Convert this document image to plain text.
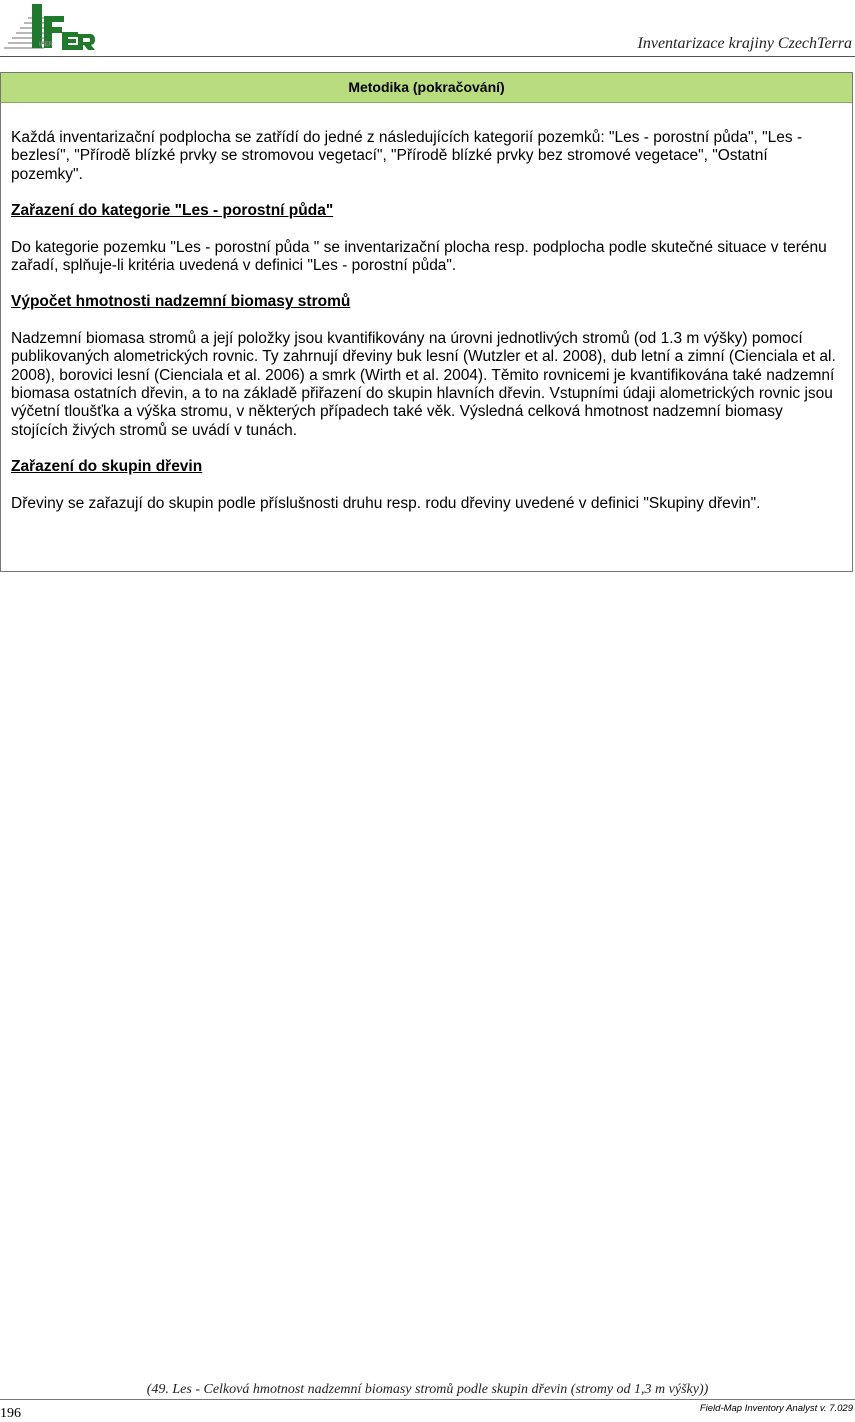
IFER	Inventarizace krajiny CzechTerra
Metodika (pokračování)

Každá inventarizační podplocha se zatřídí do jedné z následujících kategorií pozemků: "Les - porostní půda", "Les - bezlesí", "Přírodě blízké prvky se stromovou vegetací", "Přírodě blízké prvky bez stromové vegetace", "Ostatní pozemky".

Zařazení do kategorie "Les - porostní půda"

Do kategorie pozemku "Les - porostní půda " se inventarizační plocha resp. podplocha podle skutečné situace v terénu zařadí, splňuje-li kritéria uvedená v definici "Les - porostní půda".

Výpočet hmotnosti nadzemní biomasy stromů

Nadzemní biomasa stromů a její položky jsou kvantifikovány na úrovni jednotlivých stromů (od 1.3 m výšky) pomocí publikovaných alometrických rovnic. Ty zahrnují dřeviny buk lesní (Wutzler et al. 2008), dub letní a zimní (Cienciala et al. 2008), borovici lesní (Cienciala et al. 2006) a smrk (Wirth et al. 2004). Těmito rovnicemi je kvantifikována také nadzemní biomasa ostatních dřevin, a to na základě přiřazení do skupin hlavních dřevin. Vstupními údaji alometrických rovnic jsou výčetní tloušťka a výška stromu, v některých případech také věk. Výsledná celková hmotnost nadzemní biomasy stojících živých stromů se uvádí v tunách.

Zařazení do skupin dřevin

Dřeviny se zařazují do skupin podle příslušnosti druhu resp. rodu dřeviny uvedené v definici "Skupiny dřevin".

(49. Les - Celková hmotnost nadzemní biomasy stromů podle skupin dřevin (stromy od 1,3 m výšky))
196	Field-Map Inventory Analyst v. 7.029
